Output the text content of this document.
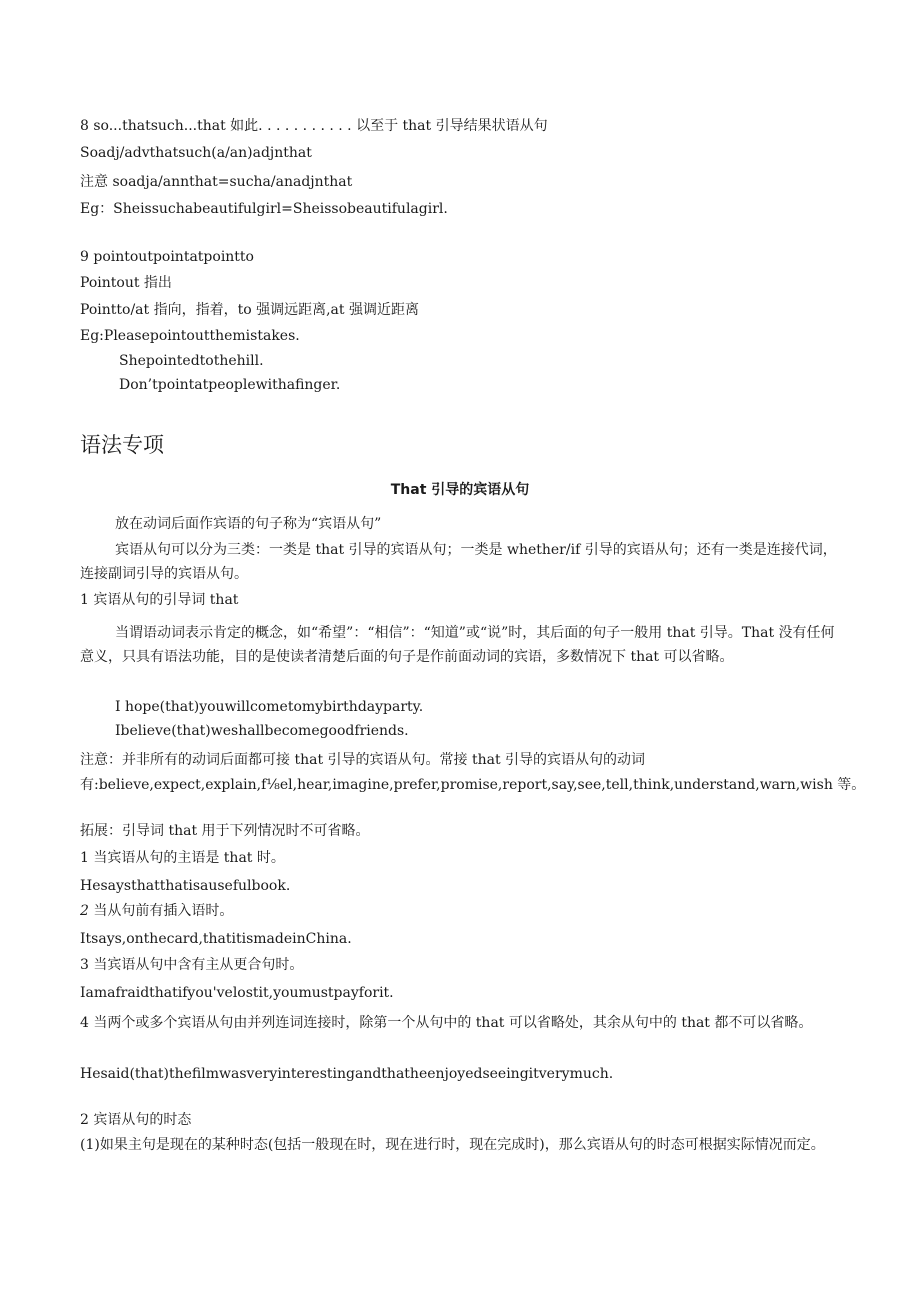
8 so...thatsuch...that 如此. . . . . . . . . . . 以至于 that 引导结果状语从句
Soadj/advthatsuch(a/an)adjnthat
注意 soadja/annthat=sucha/anadjnthat
Eg：Sheissuchabeautifulgirl=Sheissobeautifulagirl.
9 pointoutpointatpointto
Pointout 指出
Pointto/at 指向，指着，to 强调远距离,at 强调近距离
Eg:Pleasepointoutthemistakes.
Shepointedtothehill.
Don’tpointatpeoplewithafinger.
语法专项
That 引导的宾语从句
放在动词后面作宾语的句子称为“宾语从句”
宾语从句可以分为三类：一类是 that 引导的宾语从句；一类是 whether/if 引导的宾语从句；还有一类是连接代词，连接副词引导的宾语从句。
1 宾语从句的引导词 that
当谓语动词表示肯定的概念，如“希望”：“相信”：“知道”或“说”时，其后面的句子一般用 that 引导。That 没有任何意义，只具有语法功能，目的是使读者清楚后面的句子是作前面动词的宾语，多数情况下 that 可以省略。
I hope(that)youwillcometomybirthdayparty.
Ibelieve(that)weshallbecomegoodfriends.
注意：并非所有的动词后面都可接 that 引导的宾语从句。常接 that 引导的宾语从句的动词
有:believe,expect,explain,f⅛el,hear,imagine,prefer,promise,report,say,see,tell,think,understand,warn,wish 等。
拓展：引导词 that 用于下列情况时不可省略。
1 当宾语从句的主语是 that 时。
Hesaysthatthatisausefulbook.
2 当从句前有插入语时。
Itsays,onthecard,thatitismadeinChina.
3 当宾语从句中含有主从更合句时。
Iamafraidthatifyou'velostit,youmustpayforit.
4 当两个或多个宾语从句由并列连词连接时，除第一个从句中的 that 可以省略处，其余从句中的 that 都不可以省略。
Hesaid(that)thefilmwasveryinterestingandthatheenjoyedseeingitverymuch.
2 宾语从句的时态
(1)如果主句是现在的某种时态(包括一般现在时，现在进行时，现在完成时)，那么宾语从句的时态可根据实际情况而定。
